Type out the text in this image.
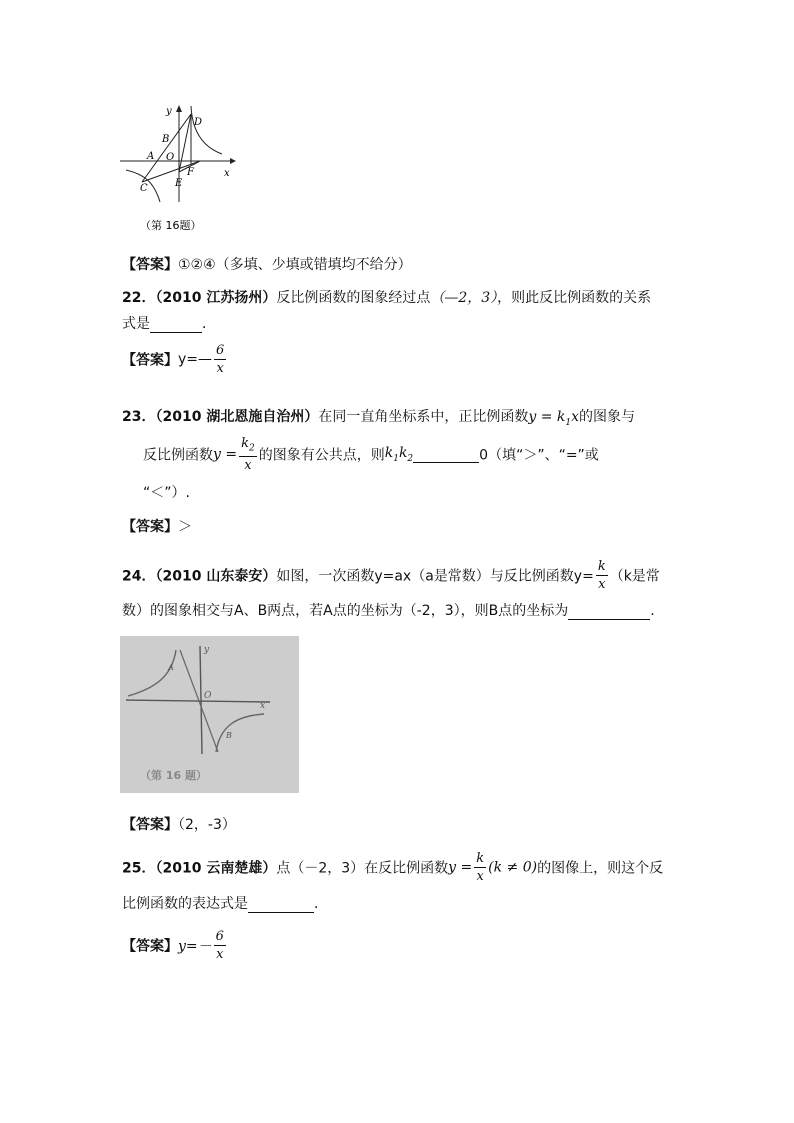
y
x
D
B
A O
F
C	E
（第 16题）
【答案】①②④（多填、少填或错填均不给分）
22．（2010 江苏扬州）反比例函数的图象经过点（—2，3），则此反比例函数的关系
式是	．
【答案】y=— $\frac{6}{x}$
23．（2010 湖北恩施自治州）在同一直角坐标系中，正比例函数$y = k_1x$的图象与
反比例函数$y = \frac{k_2}{x}$ 的图象有公共点，则$k_1k_2$	0（填“＞”、“=”或
“＜”）.
【答案】＞
24．（2010 山东泰安）如图，一次函数y=ax（a是常数）与反比例函数$y= \frac{k}{x} (k$是常
数）的图象相交与A、B两点，若A点的坐标为（-2，3），则B点的坐标为	.
y
A
O
x
B
（第 16 题）
【答案】（2，-3）
25．（2010 云南楚雄）点（－2，3）在反比例函数$y = \frac{k}{x} (k \ne 0)$的图像上，则这个反
比例函数的表达式是	．
【答案】$y=- \frac{6}{x}$
